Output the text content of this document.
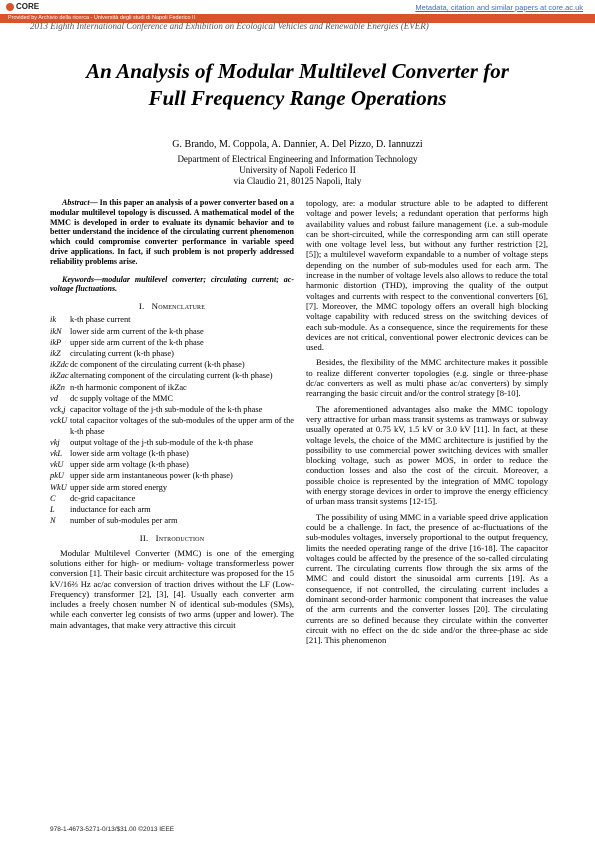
CORE	Metadata, citation and similar papers at core.ac.uk
Provided by Archivio della ricerca - Università degli studi di Napoli Federico II
2013 Eighth International Conference and Exhibition on Ecological Vehicles and Renewable Energies (EVER)
An Analysis of Modular Multilevel Converter for
Full Frequency Range Operations
G. Brando, M. Coppola, A. Dannier, A. Del Pizzo, D. Iannuzzi
Department of Electrical Engineering and Information Technology
University of Napoli Federico II
via Claudio 21, 80125 Napoli, Italy

Abstract— In this paper an analysis of a power converter based on a modular multilevel topology is discussed. A mathematical model of the MMC is developed in order to evaluate its dynamic behavior and to better understand the incidence of the circulating current phenomenon which could compromise converter performance in variable speed drive applications. In fact, if such problem is not properly addressed reliability problems arise.

Keywords—modular multilevel converter; circulating current; ac-voltage fluctuations.

I. Nomenclature
ik	k-th phase current
ikN lower side arm current of the k-th phase
ikP	upper side arm current of the k-th phase
ikZ	circulating current (k-th phase)
ikZdc dc component of the circulating current (k-th phase)
ikZac alternating component of the circulating current (k-th phase)
ikZn n-th harmonic component of ikZac
vd	dc supply voltage of the MMC
vck,j capacitor voltage of the j-th sub-module of the k-th phase
vckU total capacitor voltages of the sub-modules of the upper arm of the k-th phase
vkj	output voltage of the j-th sub-module of the k-th phase
vkL lower side arm voltage (k-th phase)
vkU upper side arm voltage (k-th phase)
pkU upper side arm instantaneous power (k-th phase)
WkU upper side arm stored energy
C	dc-grid capacitance
L	inductance for each arm
N	number of sub-modules per arm
II. Introduction

Modular Multilevel Converter (MMC) is one of the emerging solutions either for high- or medium- voltage transformerless power conversion [1]. Their basic circuit architecture was proposed for the 15 kV/16⅔ Hz ac/ac conversion of traction drives without the LF (Low-Frequency) transformer [2], [3], [4]. Usually each converter arm includes a freely chosen number N of identical sub-modules (SMs), while each converter leg consists of two arms (upper and lower). The main advantages, that make very attractive this circuit

topology, are: a modular structure able to be adapted to different voltage and power levels; a redundant operation that performs high availability values and robust failure management (i.e. a sub-module can be short-circuited, while the corresponding arm can still operate with one voltage level less, but without any further restriction [2], [5]); a multilevel waveform expandable to a number of voltage steps depending on the number of sub-modules used for each arm. The increase in the number of voltage levels also allows to reduce the total harmonic distortion (THD), improving the quality of the output voltages and currents with respect to the conventional converters [6], [7]. Moreover, the MMC topology offers an overall high blocking voltage capability with reduced stress on the switching devices of each sub-module. As a consequence, since the requirements for these devices are not critical, conventional power electronic devices can be used.

Besides, the flexibility of the MMC architecture makes it possible to realize different converter topologies (e.g. single or three-phase dc/ac converters as well as multi phase ac/ac converters) by simply rearranging the basic circuit and/or the control strategy [8-10].

The aforementioned advantages also make the MMC topology very attractive for urban mass transit systems as tramways or subway usually operated at 0.75 kV, 1.5 kV or 3.0 kV [11]. In fact, at these voltage levels, the choice of the MMC architecture is justified by the possibility to use commercial power switching devices with smaller blocking voltage, such as power MOS, in order to reduce the conduction losses and also the cost of the circuit. Moreover, a possible choice is represented by the integration of MMC topology with energy storage devices in order to improve the energy efficiency of urban mass transit systems [12-15].

The possibility of using MMC in a variable speed drive application could be a challenge. In fact, the presence of ac-fluctuations of the sub-modules voltages, inversely proportional to the output frequency, limits the needed operating range of the drive [16-18]. The capacitor voltages could be affected by the presence of the so-called circulating current. The circulating currents flow through the six arms of the MMC and could distort the sinusoidal arm currents [19]. As a consequence, if not controlled, the circulating current includes a dominant second-order harmonic component that increases the value of the arm currents and the converter losses [20]. The circulating currents are so defined because they circulate within the converter circuit with no effect on the dc side and/or the three-phase ac side [21]. This phenomenon

978-1-4673-5271-0/13/$31.00 ©2013 IEEE
